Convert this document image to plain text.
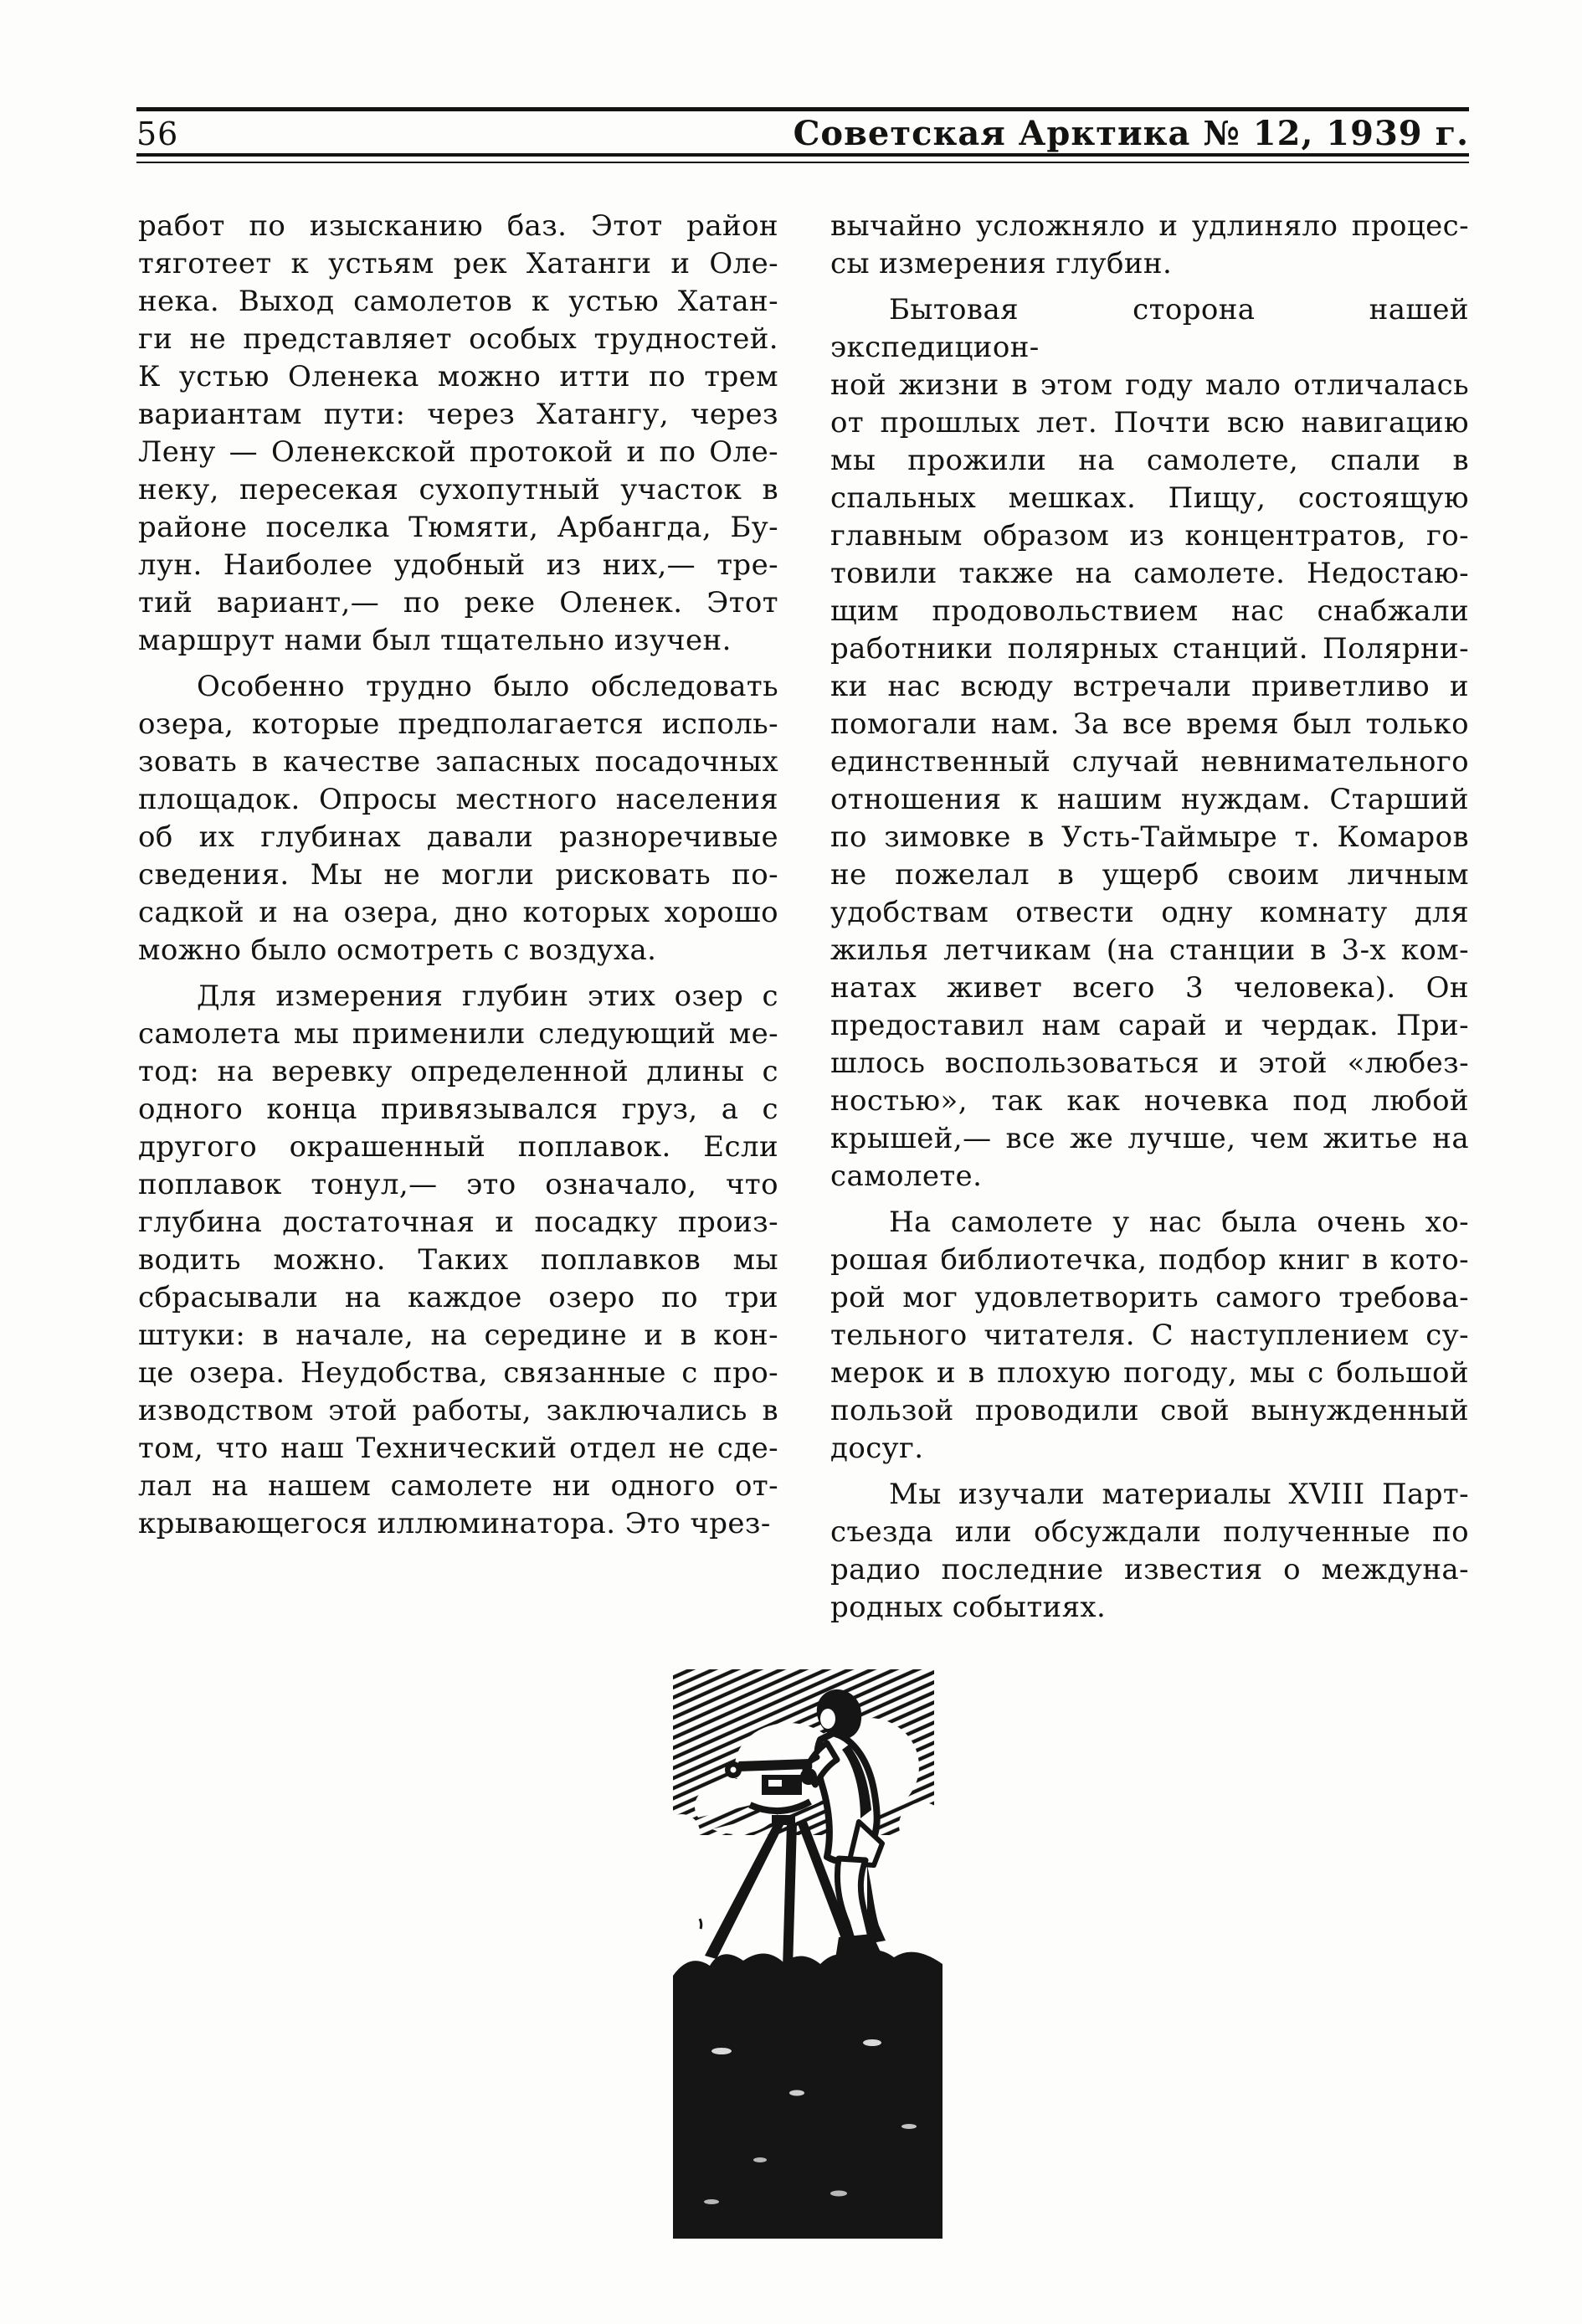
56	Советская Арктика № 12, 1939 г.
работ по изысканию баз. Этот район
тяготеет к устьям рек Хатанги и Оле-
нека. Выход самолетов к устью Хатан-
ги не представляет особых трудностей.
К устью Оленека можно итти по трем
вариантам пути: через Хатангу, через
Лену — Оленекской протокой и по Оле-
неку, пересекая сухопутный участок в
районе поселка Тюмяти, Арбангда, Бу-
лун. Наиболее удобный из них,— тре-
тий вариант,— по реке Оленек. Этот
маршрут нами был тщательно изучен.
Особенно трудно было обследовать
озера, которые предполагается исполь-
зовать в качестве запасных посадочных
площадок. Опросы местного населения
об их глубинах давали разноречивые
сведения. Мы не могли рисковать по-
садкой и на озера, дно которых хорошо
можно было осмотреть с воздуха.
Для измерения глубин этих озер с
самолета мы применили следующий ме-
тод: на веревку определенной длины с
одного конца привязывался груз, а с
другого окрашенный поплавок. Если
поплавок тонул,— это означало, что
глубина достаточная и посадку произ-
водить можно. Таких поплавков мы
сбрасывали на каждое озеро по три
штуки: в начале, на середине и в кон-
це озера. Неудобства, связанные с про-
изводством этой работы, заключались в
том, что наш Технический отдел не сде-
лал на нашем самолете ни одного от-
крывающегося иллюминатора. Это чрез-
вычайно усложняло и удлиняло процес-
сы измерения глубин.
Бытовая сторона нашей экспедицион-
ной жизни в этом году мало отличалась
от прошлых лет. Почти всю навигацию
мы прожили на самолете, спали в
спальных мешках. Пищу, состоящую
главным образом из концентратов, го-
товили также на самолете. Недостаю-
щим продовольствием нас снабжали
работники полярных станций. Полярни-
ки нас всюду встречали приветливо и
помогали нам. За все время был только
единственный случай невнимательного
отношения к нашим нуждам. Старший
по зимовке в Усть-Таймыре т. Комаров
не пожелал в ущерб своим личным
удобствам отвести одну комнату для
жилья летчикам (на станции в 3-х ком-
натах живет всего 3 человека). Он
предоставил нам сарай и чердак. При-
шлось воспользоваться и этой «любез-
ностью», так как ночевка под любой
крышей,— все же лучше, чем житье на
самолете.
На самолете у нас была очень хо-
рошая библиотечка, подбор книг в кото-
рой мог удовлетворить самого требова-
тельного читателя. С наступлением су-
мерок и в плохую погоду, мы с большой
пользой проводили свой вынужденный
досуг.
Мы изучали материалы XVIII Парт-
съезда или обсуждали полученные по
радио последние известия о междуна-
родных событиях.
